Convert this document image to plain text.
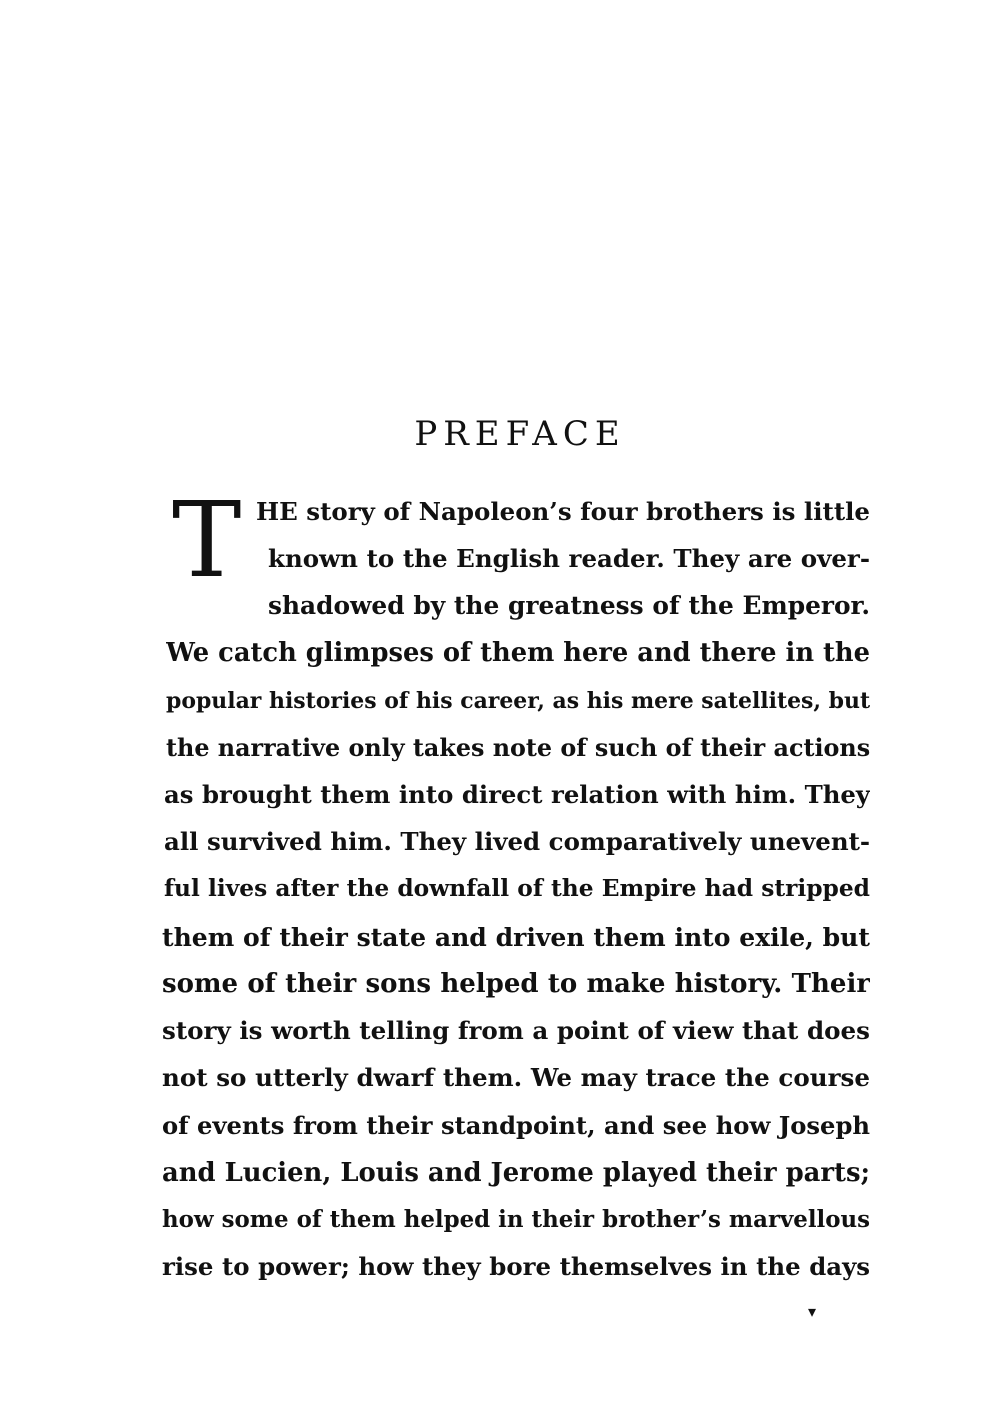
PREFACE
T HE story of Napoleon’s four brothers is little
known to the English reader. They are over-
shadowed by the greatness of the Emperor.
We catch glimpses of them here and there in the
popular histories of his career, as his mere satellites, but
the narrative only takes note of such of their actions
as brought them into direct relation with him. They
all survived him. They lived comparatively unevent-
ful lives after the downfall of the Empire had stripped
them of their state and driven them into exile, but
some of their sons helped to make history. Their
story is worth telling from a point of view that does
not so utterly dwarf them. We may trace the course
of events from their standpoint, and see how Joseph
and Lucien, Louis and Jerome played their parts;
how some of them helped in their brother’s marvellous
rise to power; how they bore themselves in the days
▾
